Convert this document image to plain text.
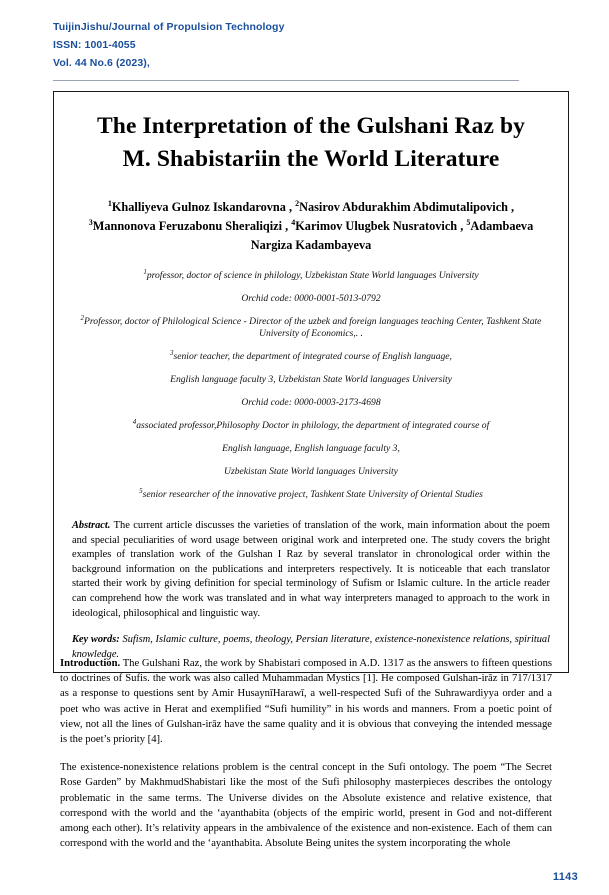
TuijinJishu/Journal of Propulsion Technology
ISSN: 1001-4055
Vol. 44 No.6 (2023),
The Interpretation of the Gulshani Raz by
M. Shabistariin the World Literature
$^1$Khalliyeva Gulnoz Iskandarovna , $^2$Nasirov Abdurakhim Abdimutalipovich , $^3$Mannonova Feruzabonu Sheraliqizi , $^4$Karimov Ulugbek Nusratovich , $^5$Adambaeva Nargiza Kadambayeva
$^1$professor, doctor of science in philology, Uzbekistan State World languages University
Orchid code: 0000-0001-5013-0792
$^2$Professor, doctor of Philological Science - Director of the uzbek and foreign languages teaching Center, Tashkent State University of Economics,. .
$^3$senior teacher, the department of integrated course of English language,
English language faculty 3, Uzbekistan State World languages University
Orchid code: 0000-0003-2173-4698
$^4$associated professor,Philosophy Doctor in philology, the department of integrated course of
English language, English language faculty 3,
Uzbekistan State World languages University
$^5$senior researcher of the innovative project, Tashkent State University of Oriental Studies
Abstract. The current article discusses the varieties of translation of the work, main information about the poem and special peculiarities of word usage between original work and interpreted one. The study covers the bright examples of translation work of the Gulshan I Raz by several translator in chronological order within the background information on the publications and interpreters respectively. It is noticeable that each translator started their work by giving definition for special terminology of Sufism or Islamic culture. In the article reader can comprehend how the work was translated and in what way interpreters managed to approach to the work in ideological, philosophical and linguistic way.
Key words: Sufism, Islamic culture, poems, theology, Persian literature, existence-nonexistence relations, spiritual knowledge.

Introduction. The Gulshani Raz, the work by Shabistari composed in A.D. 1317 as the answers to fifteen questions to doctrines of Sufis. the work was also called Muhammadan Mystics [1]. He composed Gulshan-irāz in 717/1317 as a response to questions sent by Amir HusaynīHarawī, a well-respected Sufi of the Suhrawardiyya order and a poet who was active in Herat and exemplified “Sufi humility” in his words and manners. From a poetic point of view, not all the lines of Gulshan-irāz have the same quality and it is obvious that conveying the intended message is the poet’s priority [4].

The existence-nonexistence relations problem is the central concept in the Sufi ontology. The poem “The Secret Rose Garden” by MakhmudShabistari like the most of the Sufi philosophy masterpieces describes the ontology problematic in the same terms. The Universe divides on the Absolute existence and relative existence, that correspond with the world and the ‘ayanthabita (objects of the empiric world, present in God and not-different among each other). It’s relativity appears in the ambivalence of the existence and non-existence. Each of them can correspond with the world and the ‘ayanthabita. Absolute Being unites the system incorporating the whole

1143
